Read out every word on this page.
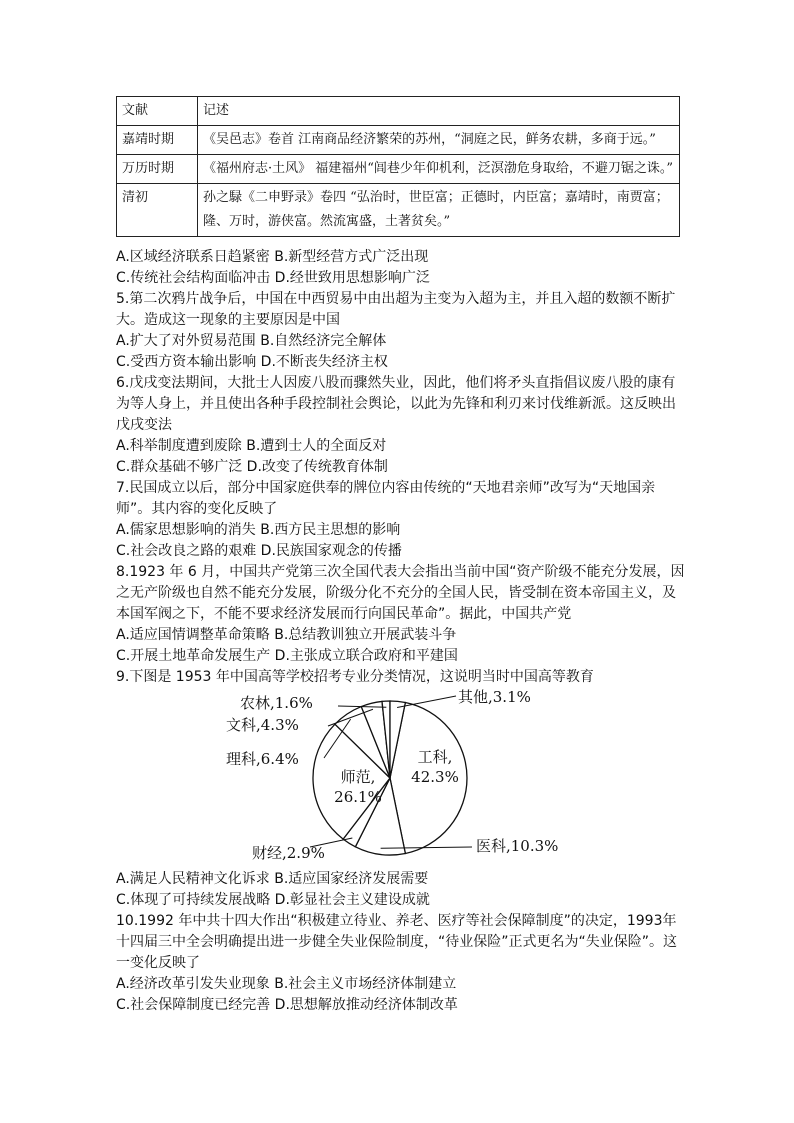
文献	记述
嘉靖时期	《吴邑志》卷首 江南商品经济繁荣的苏州，“洞庭之民，鲜务农耕，多商于远。”
万历时期	《福州府志·土风》 福建福州“闾巷少年仰机利，泛溟渤危身取给，不避刀锯之诛。”
清初	孙之騄《二申野录》卷四 “弘治时，世臣富；正德时，内臣富；嘉靖时，南贾富；隆、万时，游侠富。然流寓盛，土著贫矣。”
A.区域经济联系日趋紧密 B.新型经营方式广泛出现
C.传统社会结构面临冲击 D.经世致用思想影响广泛
5.第二次鸦片战争后，中国在中西贸易中由出超为主变为入超为主，并且入超的数额不断扩大。造成这一现象的主要原因是中国
A.扩大了对外贸易范围 B.自然经济完全解体
C.受西方资本输出影响 D.不断丧失经济主权
6.戊戌变法期间，大批士人因废八股而骤然失业，因此，他们将矛头直指倡议废八股的康有为等人身上，并且使出各种手段控制社会舆论，以此为先锋和利刃来讨伐维新派。这反映出戊戌变法
A.科举制度遭到废除 B.遭到士人的全面反对
C.群众基础不够广泛 D.改变了传统教育体制
7.民国成立以后，部分中国家庭供奉的牌位内容由传统的“天地君亲师”改写为“天地国亲师”。其内容的变化反映了
A.儒家思想影响的消失 B.西方民主思想的影响
C.社会改良之路的艰难 D.民族国家观念的传播
8.1923 年 6 月，中国共产党第三次全国代表大会指出当前中国“资产阶级不能充分发展，因之无产阶级也自然不能充分发展，阶级分化不充分的全国人民，皆受制在资本帝国主义，及本国军阀之下，不能不要求经济发展而行向国民革命”。据此，中国共产党
A.适应国情调整革命策略 B.总结教训独立开展武装斗争
C.开展土地革命发展生产 D.主张成立联合政府和平建国
9.下图是 1953 年中国高等学校招考专业分类情况，这说明当时中国高等教育
工科,
42.3%
医科,10.3%
财经,2.9%
师范,
26.1%
理科,6.4%
文科,4.3%
农林,1.6%	其他,3.1%
A.满足人民精神文化诉求 B.适应国家经济发展需要
C.体现了可持续发展战略 D.彰显社会主义建设成就
10.1992 年中共十四大作出“积极建立待业、养老、医疗等社会保障制度”的决定，1993年十四届三中全会明确提出进一步健全失业保险制度，“待业保险”正式更名为“失业保险”。这一变化反映了
A.经济改革引发失业现象 B.社会主义市场经济体制建立
C.社会保障制度已经完善 D.思想解放推动经济体制改革
